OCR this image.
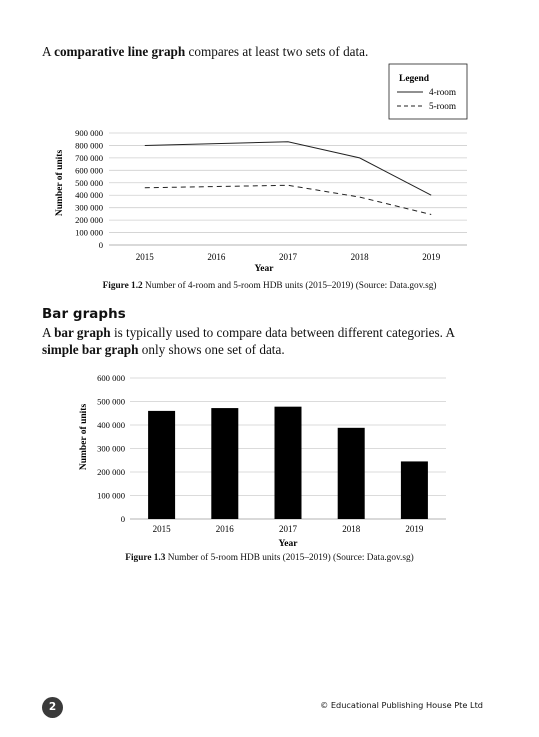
A comparative line graph compares at least two sets of data.

Legend
4-room
5-room
0
100 000
200 000
300 000
400 000
500 000
600 000
700 000
800 000
900 000
2015	2016	2017	2018	2019
Year
Number of units

Figure 1.2 Number of 4-room and 5-room HDB units (2015–2019) (Source: Data.gov.sg)

Bar graphs

A bar graph is typically used to compare data between different categories. A simple bar graph only shows one set of data.

0
100 000
200 000
300 000
400 000
500 000
600 000
2015	2016	2017	2018	2019
Year
Number of units

Figure 1.3 Number of 5-room HDB units (2015–2019) (Source: Data.gov.sg)

2	© Educational Publishing House Pte Ltd
